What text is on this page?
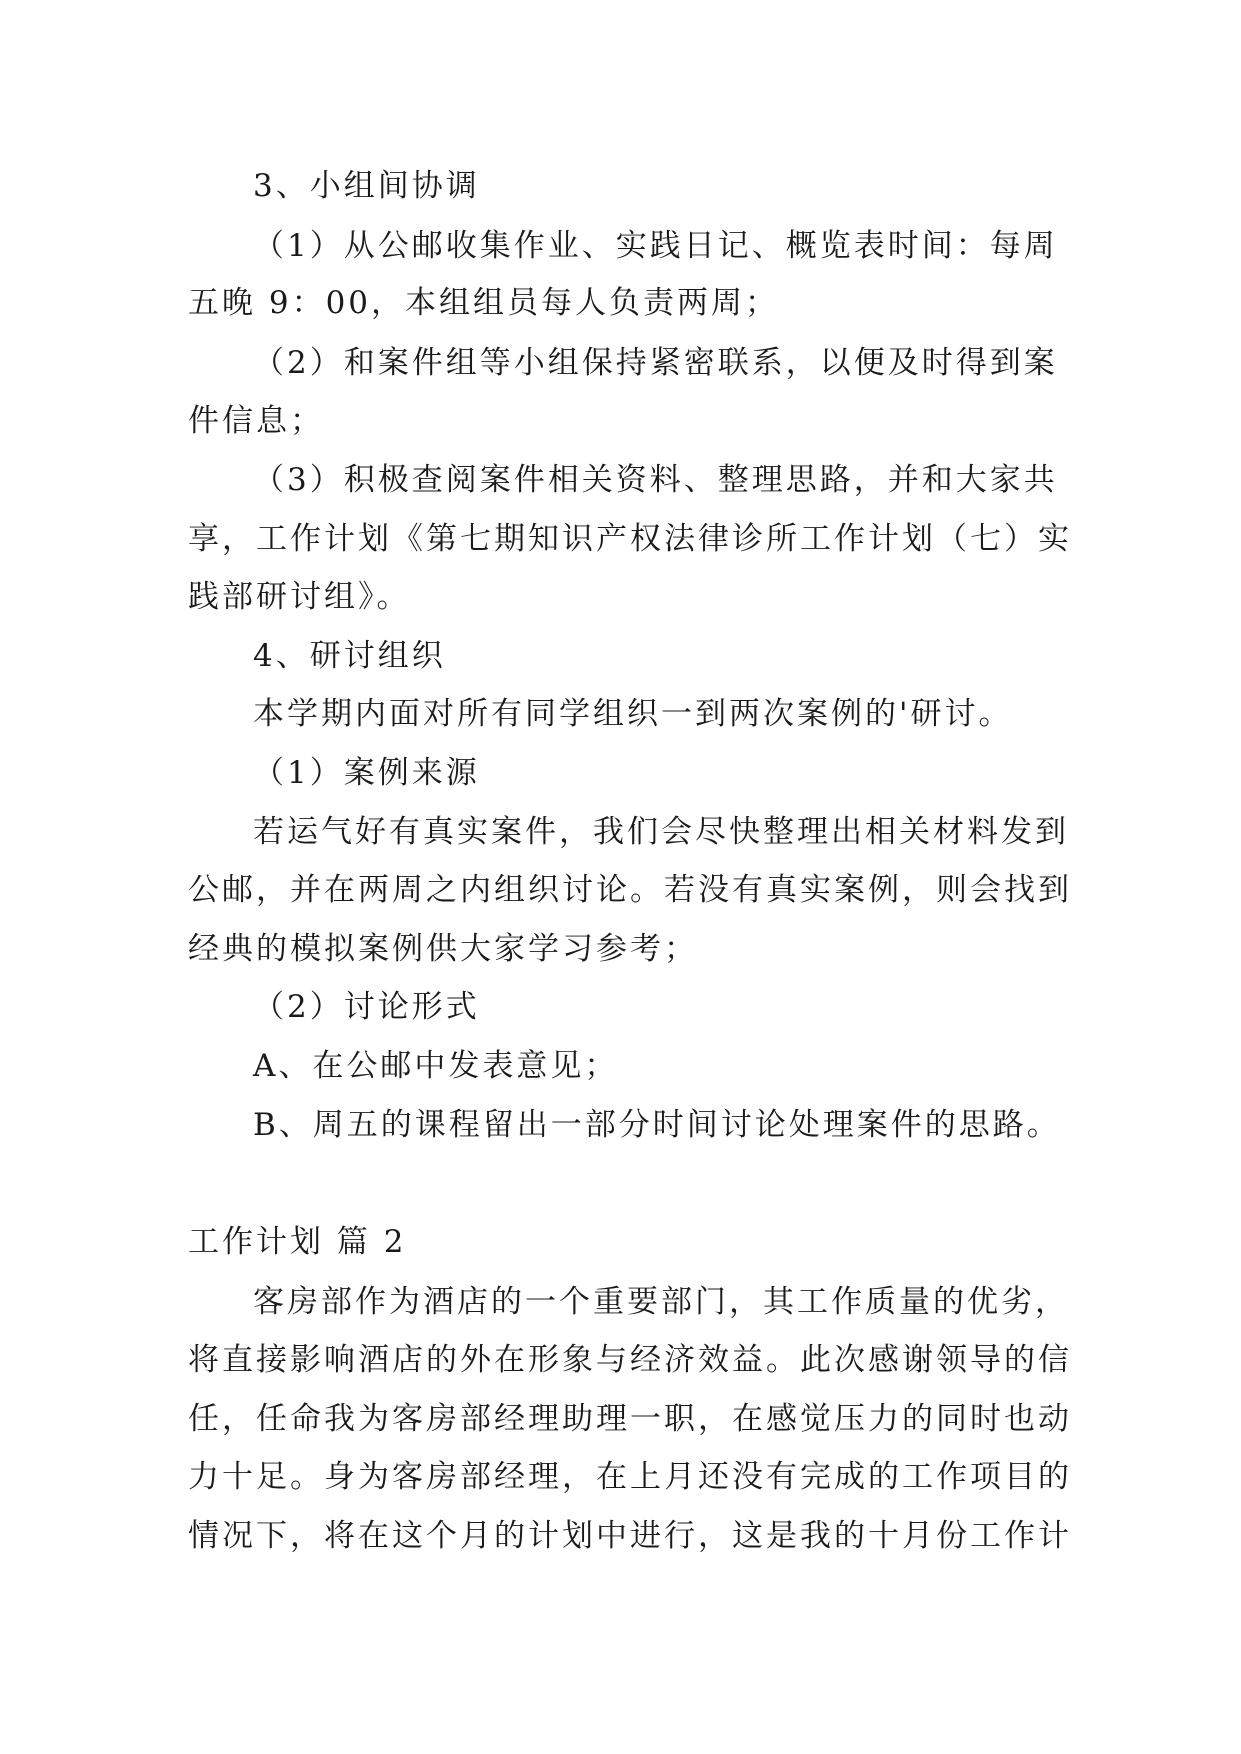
3、小组间协调
（1）从公邮收集作业、实践日记、概览表时间：每周
五晚 9：00，本组组员每人负责两周；
（2）和案件组等小组保持紧密联系，以便及时得到案
件信息；
（3）积极查阅案件相关资料、整理思路，并和大家共
享，工作计划《第七期知识产权法律诊所工作计划（七）实
践部研讨组》。
4、研讨组织
本学期内面对所有同学组织一到两次案例的'研讨。
（1）案例来源
若运气好有真实案件，我们会尽快整理出相关材料发到
公邮，并在两周之内组织讨论。若没有真实案例，则会找到
经典的模拟案例供大家学习参考；
（2）讨论形式
A、在公邮中发表意见；
B、周五的课程留出一部分时间讨论处理案件的思路。
工作计划 篇 2
客房部作为酒店的一个重要部门，其工作质量的优劣，
将直接影响酒店的外在形象与经济效益。此次感谢领导的信
任，任命我为客房部经理助理一职，在感觉压力的同时也动
力十足。身为客房部经理，在上月还没有完成的工作项目的
情况下，将在这个月的计划中进行，这是我的十月份工作计
